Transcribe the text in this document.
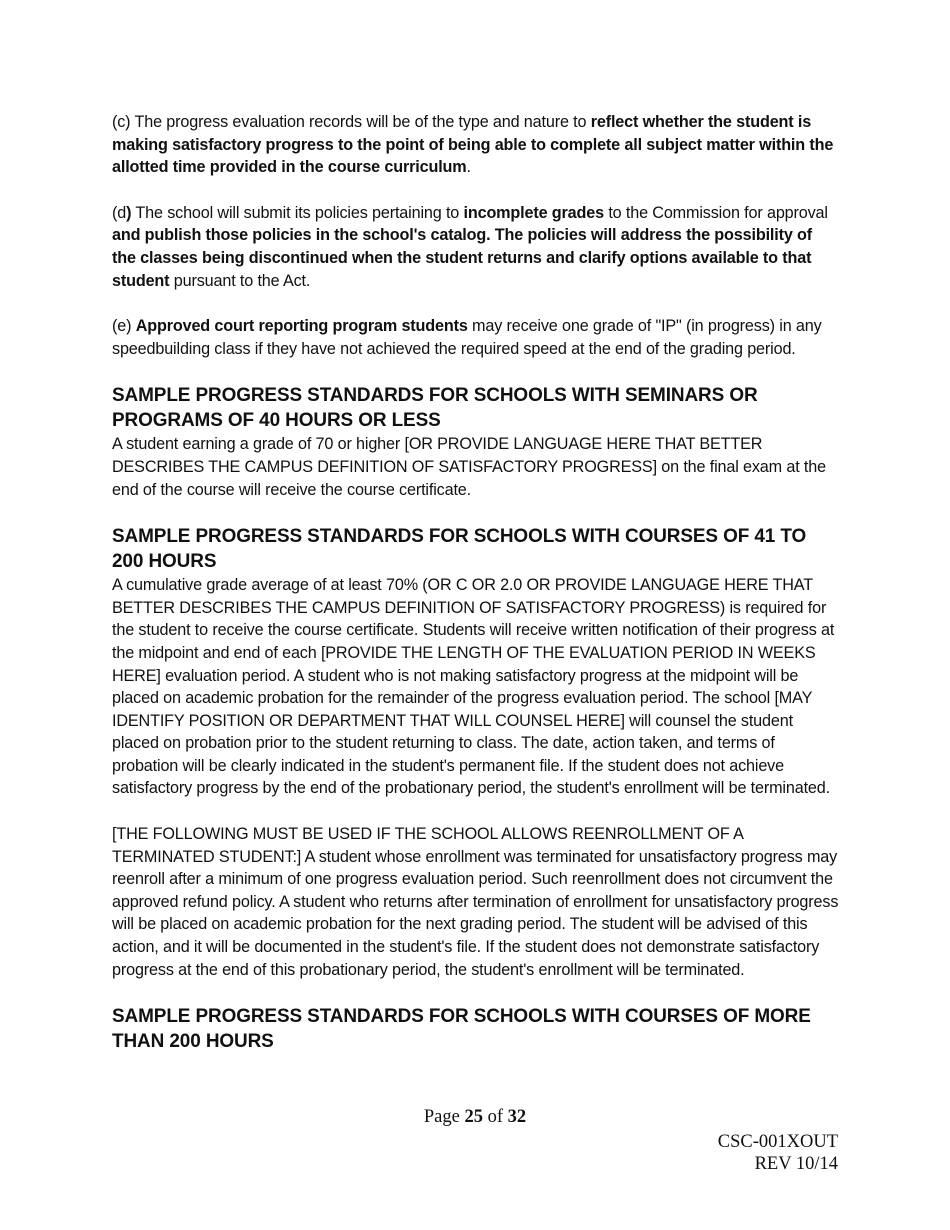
(c) The progress evaluation records will be of the type and nature to reflect whether the student is making satisfactory progress to the point of being able to complete all subject matter within the allotted time provided in the course curriculum.

(d) The school will submit its policies pertaining to incomplete grades to the Commission for approval and publish those policies in the school's catalog. The policies will address the possibility of the classes being discontinued when the student returns and clarify options available to that student pursuant to the Act.

(e) Approved court reporting program students may receive one grade of "IP" (in progress) in any speedbuilding class if they have not achieved the required speed at the end of the grading period.

SAMPLE PROGRESS STANDARDS FOR SCHOOLS WITH SEMINARS OR PROGRAMS OF 40 HOURS OR LESS

A student earning a grade of 70 or higher [OR PROVIDE LANGUAGE HERE THAT BETTER DESCRIBES THE CAMPUS DEFINITION OF SATISFACTORY PROGRESS] on the final exam at the end of the course will receive the course certificate.

SAMPLE PROGRESS STANDARDS FOR SCHOOLS WITH COURSES OF 41 TO 200 HOURS

A cumulative grade average of at least 70% (OR C OR 2.0 OR PROVIDE LANGUAGE HERE THAT BETTER DESCRIBES THE CAMPUS DEFINITION OF SATISFACTORY PROGRESS) is required for the student to receive the course certificate. Students will receive written notification of their progress at the midpoint and end of each [PROVIDE THE LENGTH OF THE EVALUATION PERIOD IN WEEKS HERE] evaluation period. A student who is not making satisfactory progress at the midpoint will be placed on academic probation for the remainder of the progress evaluation period. The school [MAY IDENTIFY POSITION OR DEPARTMENT THAT WILL COUNSEL HERE] will counsel the student placed on probation prior to the student returning to class. The date, action taken, and terms of probation will be clearly indicated in the student's permanent file. If the student does not achieve satisfactory progress by the end of the probationary period, the student's enrollment will be terminated.

[THE FOLLOWING MUST BE USED IF THE SCHOOL ALLOWS REENROLLMENT OF A TERMINATED STUDENT:] A student whose enrollment was terminated for unsatisfactory progress may reenroll after a minimum of one progress evaluation period. Such reenrollment does not circumvent the approved refund policy. A student who returns after termination of enrollment for unsatisfactory progress will be placed on academic probation for the next grading period. The student will be advised of this action, and it will be documented in the student's file. If the student does not demonstrate satisfactory progress at the end of this probationary period, the student's enrollment will be terminated.

SAMPLE PROGRESS STANDARDS FOR SCHOOLS WITH COURSES OF MORE THAN 200 HOURS
Page 25 of 32
CSC-001XOUT
REV 10/14
